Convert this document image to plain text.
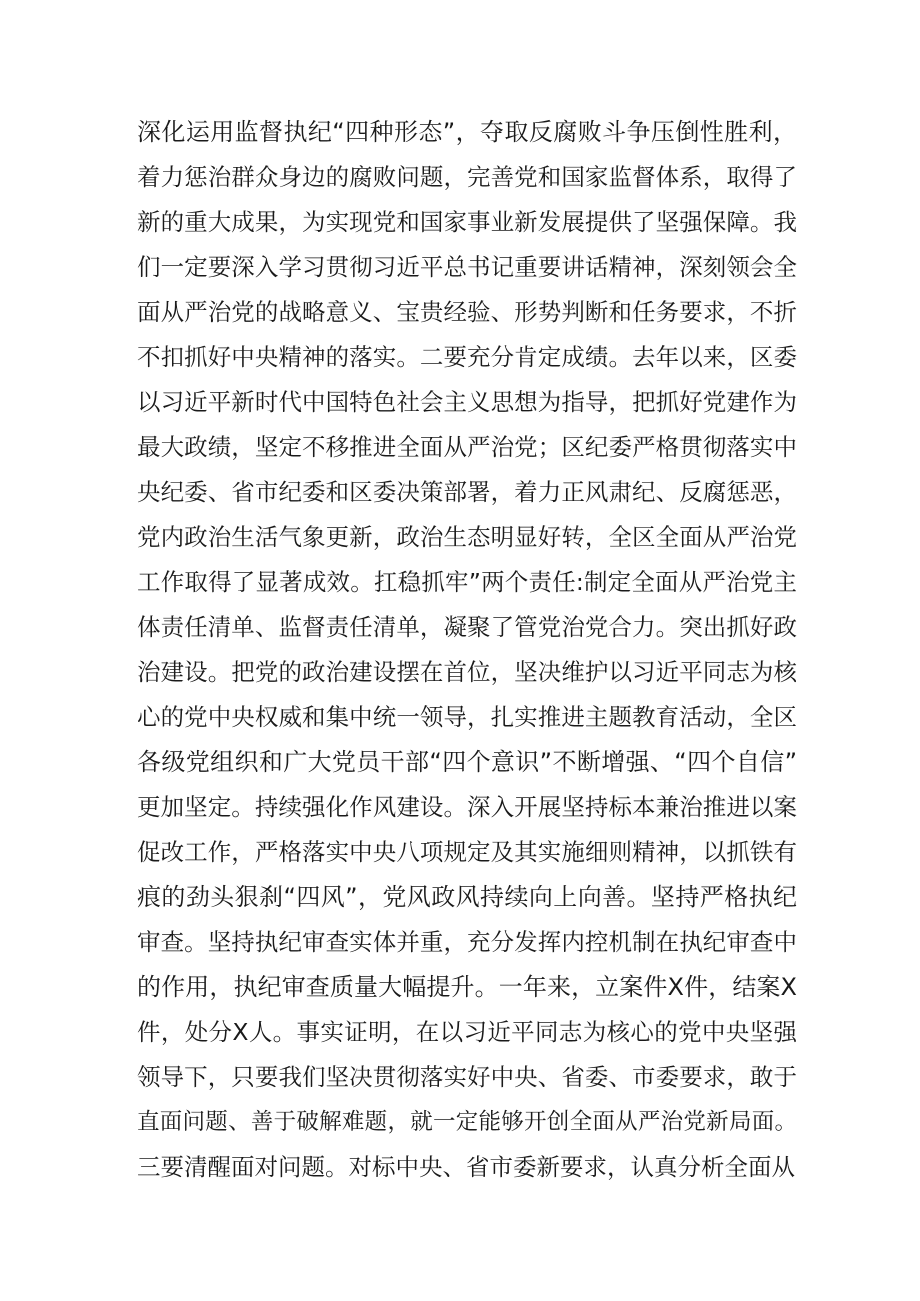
深化运用监督执纪“四种形态”，夺取反腐败斗争压倒性胜利，
着力惩治群众身边的腐败问题，完善党和国家监督体系，取得了
新的重大成果，为实现党和国家事业新发展提供了坚强保障。我
们一定要深入学习贯彻习近平总书记重要讲话精神，深刻领会全
面从严治党的战略意义、宝贵经验、形势判断和任务要求，不折
不扣抓好中央精神的落实。二要充分肯定成绩。去年以来，区委
以习近平新时代中国特色社会主义思想为指导，把抓好党建作为
最大政绩，坚定不移推进全面从严治党；区纪委严格贯彻落实中
央纪委、省市纪委和区委决策部署，着力正风肃纪、反腐惩恶，
党内政治生活气象更新，政治生态明显好转，全区全面从严治党
工作取得了显著成效。扛稳抓牢”两个责任:制定全面从严治党主
体责任清单、监督责任清单，凝聚了管党治党合力。突出抓好政
治建设。把党的政治建设摆在首位，坚决维护以习近平同志为核
心的党中央权威和集中统一领导，扎实推进主题教育活动，全区
各级党组织和广大党员干部“四个意识”不断增强、“四个自信”
更加坚定。持续强化作风建设。深入开展坚持标本兼治推进以案
促改工作，严格落实中央八项规定及其实施细则精神，以抓铁有
痕的劲头狠刹“四风”，党风政风持续向上向善。坚持严格执纪
审查。坚持执纪审查实体并重，充分发挥内控机制在执纪审查中
的作用，执纪审查质量大幅提升。一年来，立案件X件，结案X
件，处分X人。事实证明，在以习近平同志为核心的党中央坚强
领导下，只要我们坚决贯彻落实好中央、省委、市委要求，敢于
直面问题、善于破解难题，就一定能够开创全面从严治党新局面。
三要清醒面对问题。对标中央、省市委新要求，认真分析全面从
